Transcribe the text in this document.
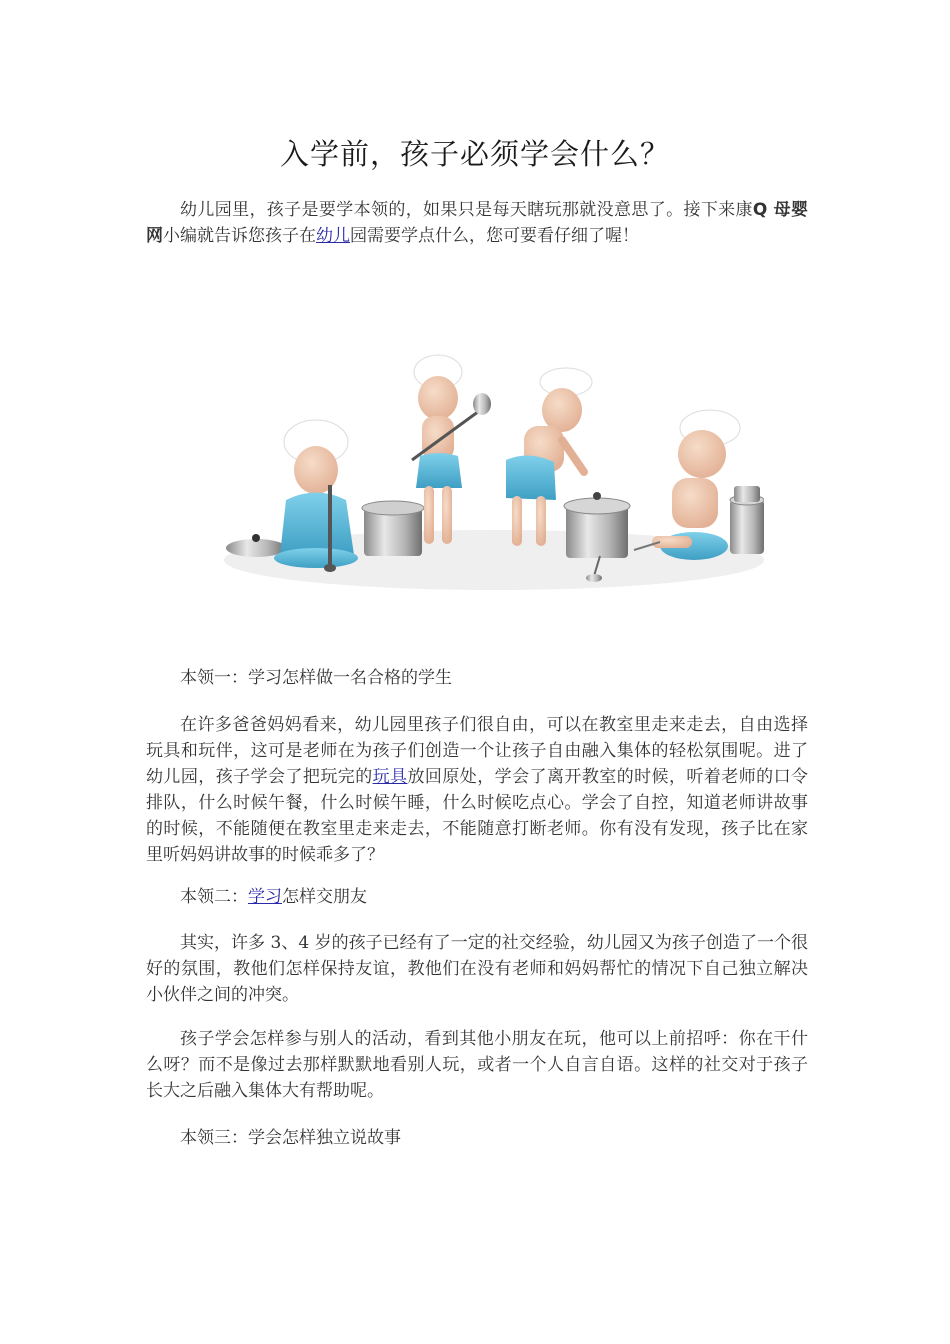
入学前，孩子必须学会什么？

幼儿园里，孩子是要学本领的，如果只是每天瞎玩那就没意思了。接下来康Q 母婴网小编就告诉您孩子在幼儿园需要学点什么，您可要看仔细了喔！

本领一：学习怎样做一名合格的学生

在许多爸爸妈妈看来，幼儿园里孩子们很自由，可以在教室里走来走去，自由选择玩具和玩伴，这可是老师在为孩子们创造一个让孩子自由融入集体的轻松氛围呢。进了幼儿园，孩子学会了把玩完的玩具放回原处，学会了离开教室的时候，听着老师的口令排队，什么时候午餐，什么时候午睡，什么时候吃点心。学会了自控，知道老师讲故事的时候，不能随便在教室里走来走去，不能随意打断老师。你有没有发现，孩子比在家里听妈妈讲故事的时候乖多了？

本领二：学习怎样交朋友

其实，许多 3、4 岁的孩子已经有了一定的社交经验，幼儿园又为孩子创造了一个很好的氛围，教他们怎样保持友谊，教他们在没有老师和妈妈帮忙的情况下自己独立解决小伙伴之间的冲突。

孩子学会怎样参与别人的活动，看到其他小朋友在玩，他可以上前招呼：你在干什么呀？而不是像过去那样默默地看别人玩，或者一个人自言自语。这样的社交对于孩子长大之后融入集体大有帮助呢。

本领三：学会怎样独立说故事
